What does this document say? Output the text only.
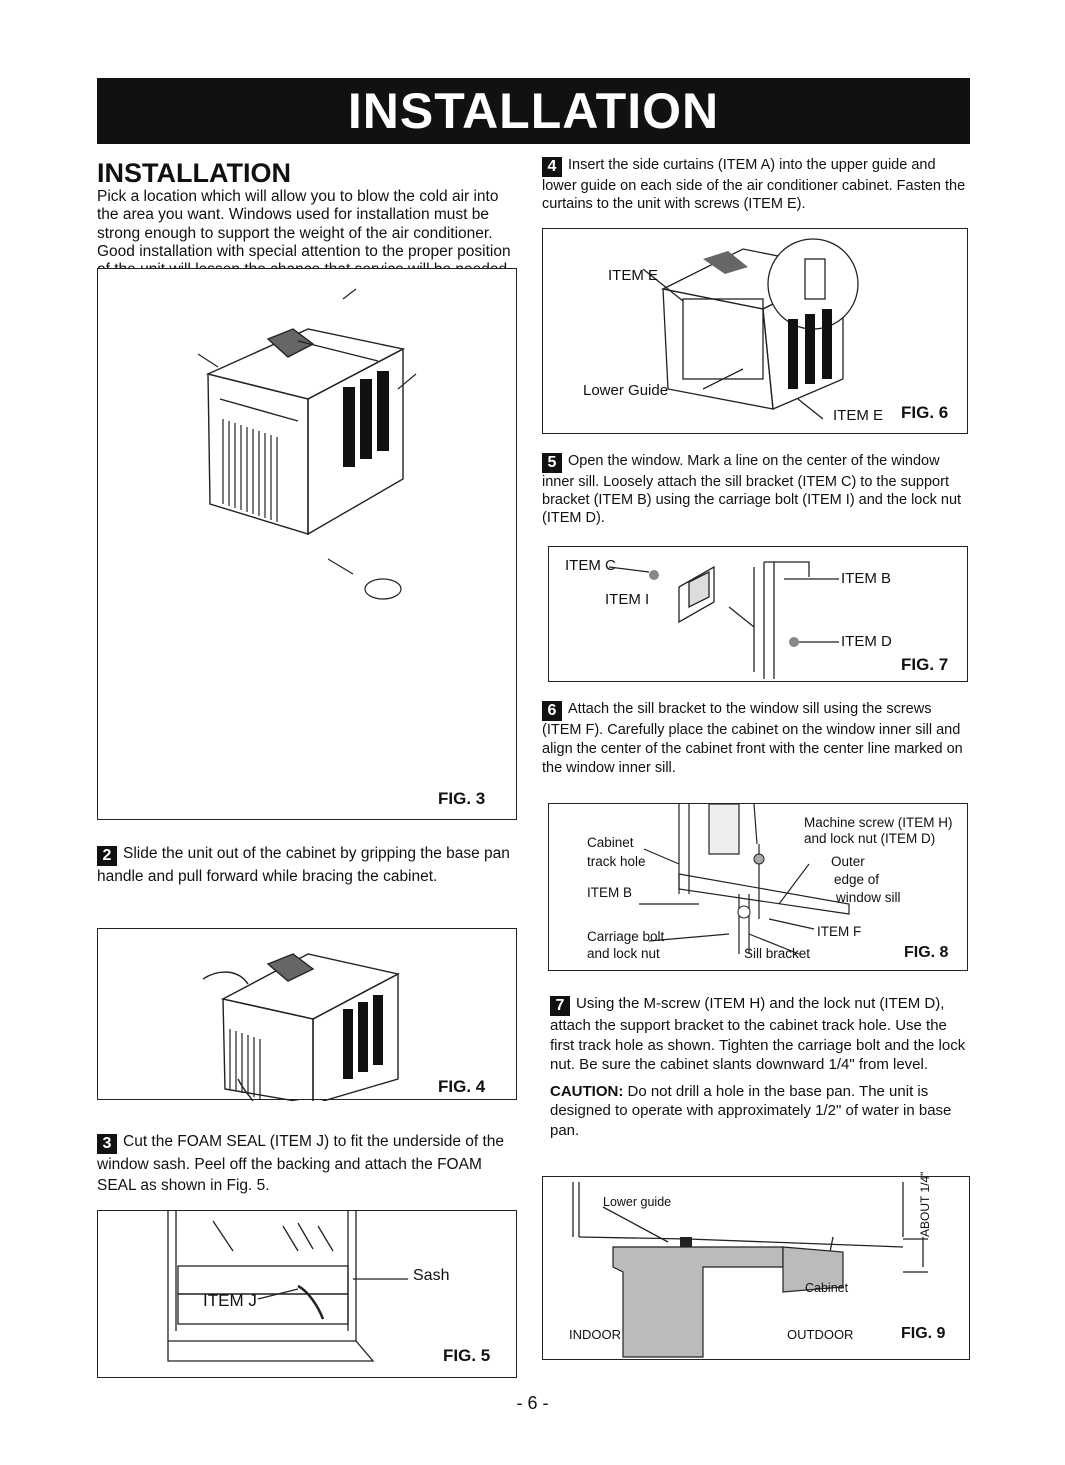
INSTALLATION
INSTALLATION

Pick a location which will allow you to blow the cold air into the area you want. Windows used for installation must be strong enough to support the weight of the air conditioner. Good installation with special attention to the proper position

FIG. 3

2 Slide the unit out of the cabinet by gripping the base pan handle and pull forward while bracing the cabinet.

FIG. 4

3 Cut the FOAM SEAL (ITEM J) to fit the underside of the window sash. Peel off the backing and attach the FOAM SEAL as shown in Fig. 5.

Sash
ITEM J
FIG. 5

4 Insert the side curtains (ITEM A) into the upper guide and lower guide on each side of the air conditioner cabinet. Fasten the curtains to the unit with screws (ITEM E).

ITEM E
Lower Guide
ITEM E FIG. 6

5 Open the window. Mark a line on the center of the window inner sill. Loosely attach the sill bracket (ITEM C) to the support bracket (ITEM B) using the carriage bolt (ITEM I) and the lock nut (ITEM D).

ITEM C
ITEM I
ITEM B
ITEM D
FIG. 7

6 Attach the sill bracket to the window sill using the screws (ITEM F). Carefully place the cabinet on the window inner sill and align the center of the cabinet front with the center line marked on the window inner sill.

Cabinet
track hole
ITEM B
Carriage bolt
and lock nut	Sill bracket
ITEM F
Machine screw (ITEM H)
and lock nut (ITEM D)
Outer
edge of
window sill
FIG. 8

7 Using the M-screw (ITEM H) and the lock nut (ITEM D), attach the support bracket to the cabinet track hole. Use the first track hole as shown. Tighten the carriage bolt and the lock nut. Be sure the cabinet slants downward 1/4" from level.

CAUTION: Do not drill a hole in the base pan. The unit is designed to operate with approximately 1/2" of water in base pan.

Lower guide
Cabinet
INDOOR	OUTDOOR
ABOUT 1/4"
FIG. 9
- 6 -
